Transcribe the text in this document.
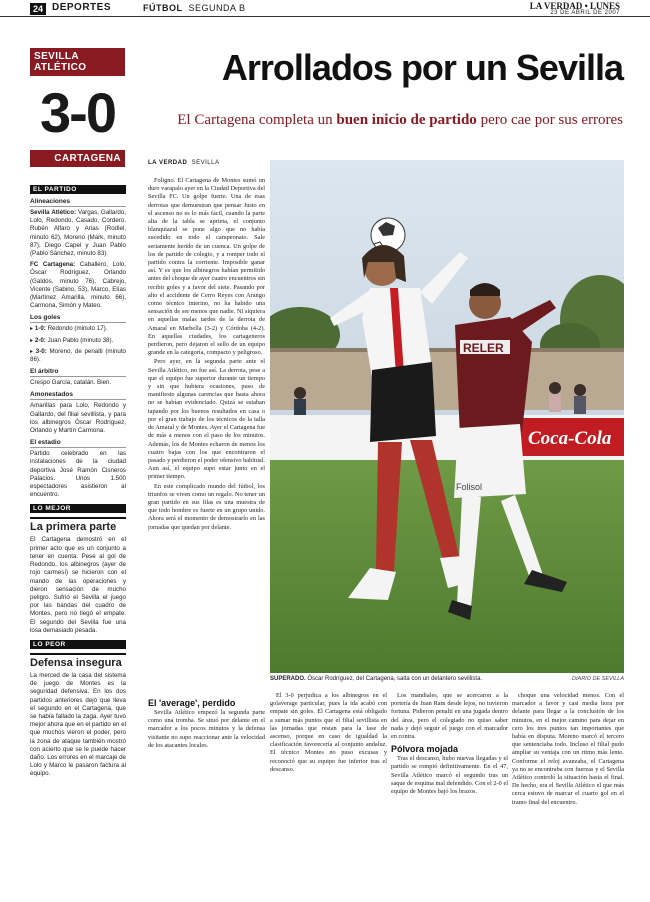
24 DEPORTES	FÚTBOL SEGUNDA B	LA VERDAD • LUNES
23 DE ABRIL DE 2007
SEVILLA ATLÉTICO
3-0
CARTAGENA
Arrollados por un Sevilla
El Cartagena completa un buen inicio de partido pero cae por sus errores
EL PARTIDO
Alineaciones
Sevilla Atlético: Vargas, Gallardo, Lolo, Redondo, Casado, Cordero, Rubén Alfaro y Arias (Rodiel, minuto 62), Moreno (Mark, minuto 87), Diego Capel y Juan Pablo (Pablo Sánchez, minuto 83).
FC Cartagena: Caballero, Lolo, Óscar Rodríguez, Orlando (Galdós, minuto 76), Cabrejo, Vicente (Sabino, 53), Marco, Elías (Martínez Amarilla, minuto 66), Carmona, Simón y Mateo.
Los goles
▸ 1-0: Redondo (minuto 17).
▸ 2-0: Juan Pablo (minuto 38).
▸ 3-0: Moreno, de penalti (minuto 86).
El árbitro
Crespo García, catalán. Bien.
Amonestados
Amarillas para Lolo, Redondo y Gallardo, del filial sevillista, y para los albinegros Óscar Rodríguez, Orlando y Martín Carmona.
El estadio
Partido celebrado en las instalaciones de la ciudad deportiva José Ramón Cisneros Palacios. Unos 1.500 espectadores asistieron al encuentro.
LO MEJOR
La primera parte
El Cartagena demostró en el primer acto que es un conjunto a tener en cuenta. Pese al gol de Redondo, los albinegros (ayer de rojo carmesí) se hicieron con el mando de las operaciones y dieron sensación de mucho peligro. Sufrió el Sevilla el juego por las bandas del cuadro de Montes, pero no llegó el empate. El segundo del Sevilla fue una losa demasiado pesada.
LO PEOR
Defensa insegura
La merced de la casa del sistema de juego de Montes es la seguridad defensiva. En los dos partidos anteriores dejó que lleva el segundo en el Cartagena, que se había fallado la zaga. Ayer tuvo mejor ahora que en el partido en el que muchos vieron el poder, pero la zona de ataque también mostró con acierto que se le puede hacer daño. Los errores en el marcaje de Lolo y Marco le pasaron factura al equipo.
LA VERDAD SEVILLA

Foligno. El Cartagena de Montes sumó un duro varapalo ayer en la Ciudad Deportiva del Sevilla FC. Un golpe fuerte. Una de esas derrotas que demuestran que pensar Justo en el ascenso no es lo más fácil, cuando la parte alta de la tabla se aprieta, el conjunto blanquiazul se pone algo que no había sucedido en todo el campeonato. Sale seriamente herido de un cuenca. Un golpe de los de partido de colegio, y a romper todo el partido contra la corriente. Imposible ganar así. Y es que los albinegros habían permitido antes del choque de ayer cuatro encuentros sin recibir goles y a favor del siete. Pasando por alto el accidente de Cerro Reyes con Arango como técnico interino, no ha habido una sensación de ser menos que nadie. Ni siquiera en aquellas malas tardes de la derrota de Amaral en Marbella (3-2) y Córdoba (4-2). En aquellas ciudades, los cartageneros perdieron, pero dejaron el sello de un equipo grande en la categoría, compacto y peligroso.

Pero ayer, en la segunda parte ante el Sevilla Atlético, no fue así. La derrota, pese a que el equipo fue superior durante un tiempo y sin que hubiera ocasiones, puso de manifiesto algunas carencias que hasta ahora no se habían evidenciado. Quizá se estaban tapando por los buenos resultados en casa o por el gran trabajo de los técnicos de la talla de Amaral y de Montes. Ayer el Cartagena fue de más a menos con el paso de los minutos. Además, los de Montes echaron de menos los cuatro bajas con los que encontraron el pasado y perdieron el poder ofensivo habitual. Aun así, el equipo supo estar junto en el primer tiempo.

En este complicado mundo del fútbol, los triunfos se viven como un regalo. No tener un gran partido en sus filas es una muestra de que todo hombre es fuerte en un grupo unido. Ahora será el momento de demostrarlo en las jornadas que quedan por delante.

El 'average', perdido

Sevilla Atlético empezó la segunda parte como una tromba. Se situó por delante en el marcador a los pocos minutos y la defensa visitante no supo reaccionar ante la velocidad de los atacantes locales.

El 3-0 perjudica a los albinegros en el golaverage particular, pues la ida acabó con empate sin goles. El Cartagena está obligado a sumar más puntos que el filial sevillista en las jornadas que restan para la fase de ascenso, porque en caso de igualdad la clasificación favorecería al conjunto andaluz. El técnico Montes no puso excusas y reconoció que su equipo fue inferior tras el descanso.

Los mandiales, que se acercaron a la portería de Juan Ram desde lejos, no tuvieron fortuna. Pidieron penalti en una jugada dentro del área, pero el colegiado no quiso saber nada y dejó seguir el juego con el marcador en contra.

Pólvora mojada

Tras el descanso, hubo nuevas llegadas y el partido se rompió definitivamente. En el 47, Sevilla Atlético marcó el segundo tras un saque de esquina mal defendido. Con el 2-0 el equipo de Montes bajó los brazos.

choque una velocidad menos. Con el marcador a favor y casi media hora por delante para llegar a la conclusión de los minutos, en el mejor camino para dejar en cero los tres puntos tan importantes que había en disputa. Moreno marcó el tercero que sentenciaba todo. Incluso el filial pudo ampliar su ventaja con un ritmo más lento. Conforme el reloj avanzaba, el Cartagena ya no se encontraba con fuerzas y el Sevilla Atlético controló la situación hasta el final. De hecho, era el Sevilla Atlético el que más cerca estuvo de marcar el cuarto gol en el tramo final del encuentro.

Coca-Cola
RELER
Folisol
SUPERADO. Óscar Rodríguez, del Cartagena, salta con un delantero sevillista.	DIARIO DE SEVILLA
